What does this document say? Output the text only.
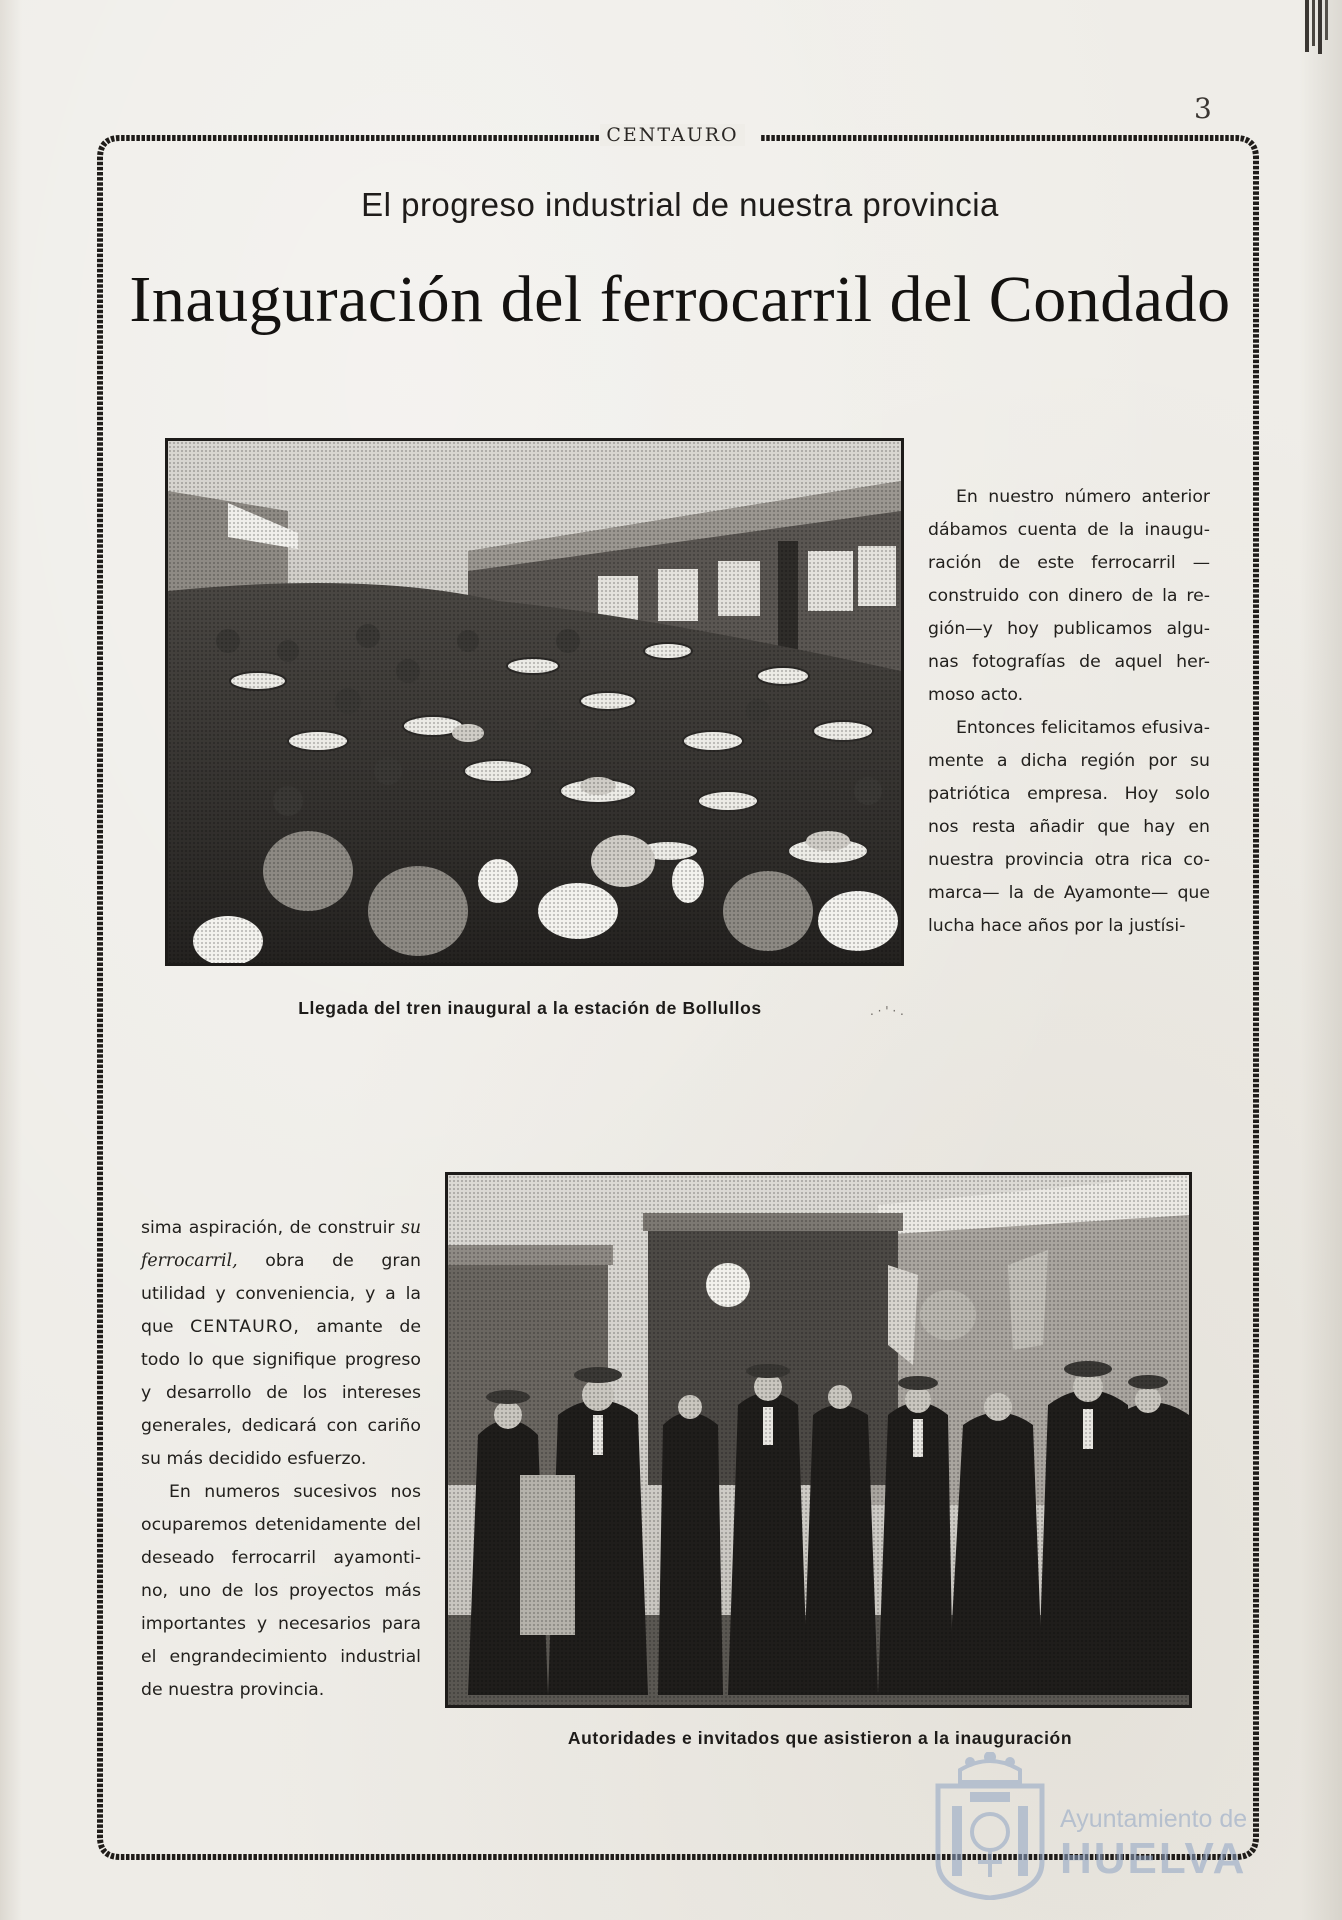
3
CENTAURO
El progreso industrial de nuestra provincia
Inauguración del ferrocarril del Condado
Llegada del tren inaugural a la estación de Bollullos

En nuestro número anterior dábamos cuenta de la inaugu-ración de este ferrocarril —construido con dinero de la re-gión—y hoy publicamos algu-nas fotografías de aquel her-moso acto.

Entonces felicitamos efusiva-mente a dicha región por su patriótica empresa. Hoy solo nos resta añadir que hay en nuestra provincia otra rica co-marca— la de Ayamonte— que lucha hace años por la justísi-

sima aspiración, de construir su ferrocarril, obra de gran utilidad y conveniencia, y a la que CENTAURO, amante de todo lo que signifique progreso y desarrollo de los intereses generales, dedicará con cariño su más decidido esfuerzo.

En numeros sucesivos nos ocuparemos detenidamente del deseado ferrocarril ayamonti-no, uno de los proyectos más importantes y necesarios para el engrandecimiento industrial de nuestra provincia.

Autoridades e invitados que asistieron a la inauguración
Ayuntamiento de
HUELVA
. · ' · .
